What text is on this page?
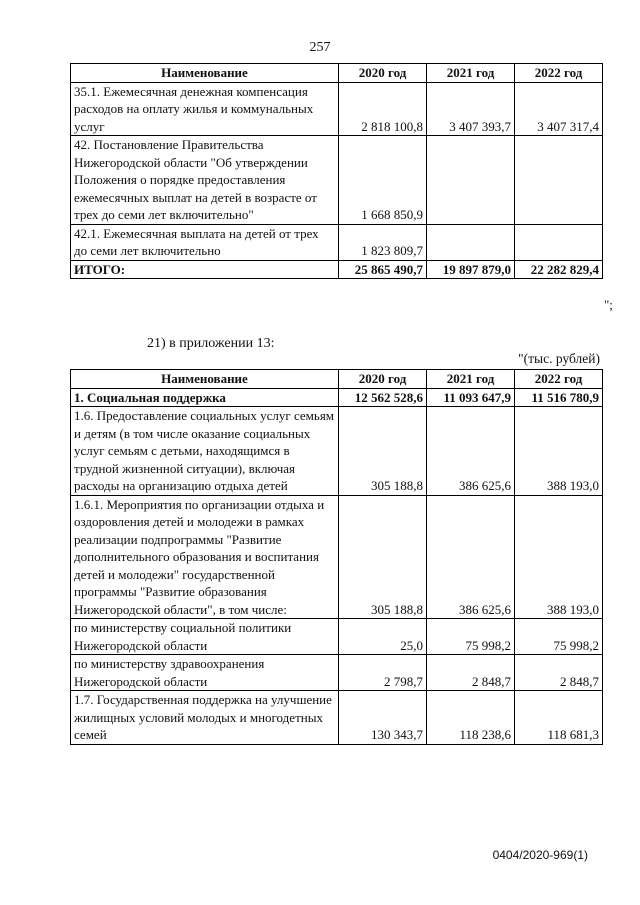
257
Наименование	2020 год	2021 год	2022 год
35.1. Ежемесячная денежная компенсация расходов на оплату жилья и коммунальных услуг	2 818 100,8	3 407 393,7	3 407 317,4
42. Постановление Правительства Нижегородской области "Об утверждении Положения о порядке предоставления ежемесячных выплат на детей в возрасте от трех до семи лет включительно"	1 668 850,9		
42.1. Ежемесячная выплата на детей от трех до семи лет включительно	1 823 809,7		
ИТОГО:	25 865 490,7	19 897 879,0	22 282 829,4
";
21) в приложении 13:
"(тыс. рублей)
Наименование	2020 год	2021 год	2022 год
1. Социальная поддержка	12 562 528,6	11 093 647,9	11 516 780,9
1.6. Предоставление социальных услуг семьям и детям (в том числе оказание социальных услуг семьям с детьми, находящимся в трудной жизненной ситуации), включая расходы на организацию отдыха детей	305 188,8	386 625,6	388 193,0
1.6.1. Мероприятия по организации отдыха и оздоровления детей и молодежи в рамках реализации подпрограммы "Развитие дополнительного образования и воспитания детей и молодежи" государственной программы "Развитие образования Нижегородской области", в том числе:	305 188,8	386 625,6	388 193,0
по министерству социальной политики Нижегородской области	25,0	75 998,2	75 998,2
по министерству здравоохранения Нижегородской области	2 798,7	2 848,7	2 848,7
1.7. Государственная поддержка на улучшение жилищных условий молодых и многодетных семей	130 343,7	118 238,6	118 681,3
0404/2020-969(1)
